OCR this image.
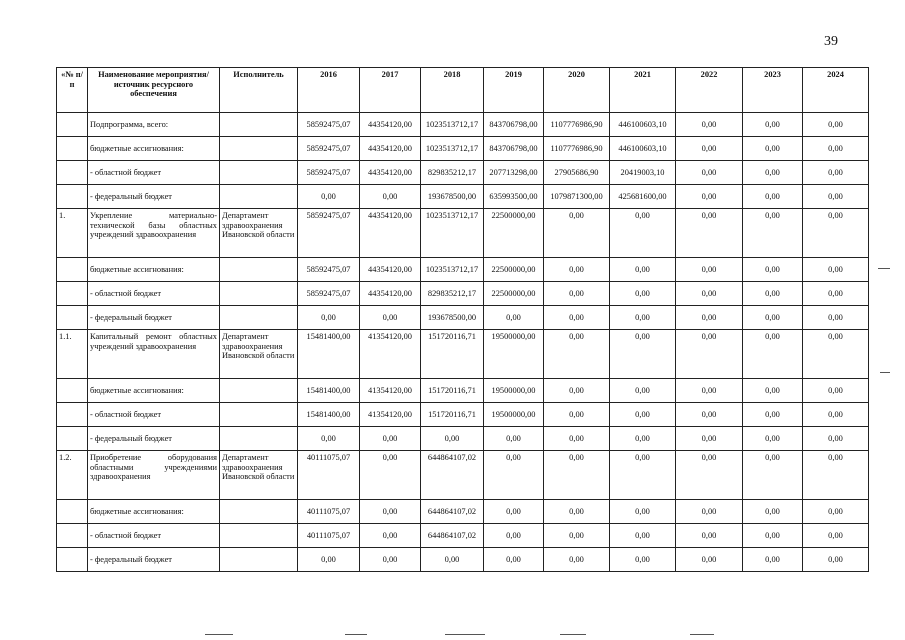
39
«№ п/п	Наименование мероприятия/источник ресурсного обеспечения	Исполнитель	2016	2017	2018	2019	2020	2021	2022	2023	2024
	Подпрограмма, всего:		58592475,07	44354120,00	1023513712,17	843706798,00	1107776986,90	446100603,10	0,00	0,00	0,00
	бюджетные ассигнования:		58592475,07	44354120,00	1023513712,17	843706798,00	1107776986,90	446100603,10	0,00	0,00	0,00
	- областной бюджет		58592475,07	44354120,00	829835212,17	207713298,00	27905686,90	20419003,10	0,00	0,00	0,00
	- федеральный бюджет		0,00	0,00	193678500,00	635993500,00	1079871300,00	425681600,00	0,00	0,00	0,00
1.	Укрепление материально-технической базы областных учреждений здравоохранения	Департамент здравоохранения Ивановской области	58592475,07	44354120,00	1023513712,17	22500000,00	0,00	0,00	0,00	0,00	0,00
	бюджетные ассигнования:		58592475,07	44354120,00	1023513712,17	22500000,00	0,00	0,00	0,00	0,00	0,00
	- областной бюджет		58592475,07	44354120,00	829835212,17	22500000,00	0,00	0,00	0,00	0,00	0,00
	- федеральный бюджет		0,00	0,00	193678500,00	0,00	0,00	0,00	0,00	0,00	0,00
1.1.	Капитальный ремонт областных учреждений здравоохранения	Департамент здравоохранения Ивановской области	15481400,00	41354120,00	151720116,71	19500000,00	0,00	0,00	0,00	0,00	0,00
	бюджетные ассигнования:		15481400,00	41354120,00	151720116,71	19500000,00	0,00	0,00	0,00	0,00	0,00
	- областной бюджет		15481400,00	41354120,00	151720116,71	19500000,00	0,00	0,00	0,00	0,00	0,00
	- федеральный бюджет		0,00	0,00	0,00	0,00	0,00	0,00	0,00	0,00	0,00
1.2.	Приобретение оборудования областными учреждениями здравоохранения	Департамент здравоохранения Ивановской области	40111075,07	0,00	644864107,02	0,00	0,00	0,00	0,00	0,00	0,00
	бюджетные ассигнования:		40111075,07	0,00	644864107,02	0,00	0,00	0,00	0,00	0,00	0,00
	- областной бюджет		40111075,07	0,00	644864107,02	0,00	0,00	0,00	0,00	0,00	0,00
	- федеральный бюджет		0,00	0,00	0,00	0,00	0,00	0,00	0,00	0,00	0,00
